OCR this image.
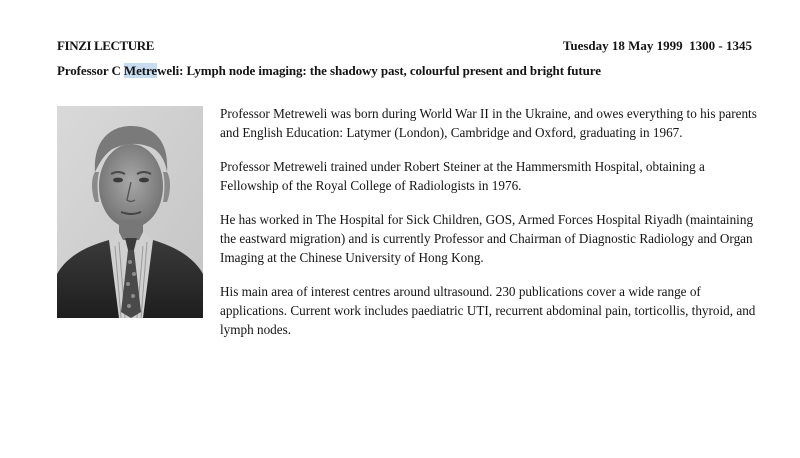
FINZI LECTURE	Tuesday 18 May 1999  1300 - 1345
Professor C Metreweli: Lymph node imaging: the shadowy past, colourful present and bright future

Professor Metreweli was born during World War II in the Ukraine, and owes everything to his parents and English Education: Latymer (London), Cambridge and Oxford, graduating in 1967.

Professor Metreweli trained under Robert Steiner at the Hammersmith Hospital, obtaining a Fellowship of the Royal College of Radiologists in 1976.

He has worked in The Hospital for Sick Children, GOS, Armed Forces Hospital Riyadh (maintaining the eastward migration) and is currently Professor and Chairman of Diagnostic Radiology and Organ Imaging at the Chinese University of Hong Kong.

His main area of interest centres around ultrasound. 230 publications cover a wide range of applications. Current work includes paediatric UTI, recurrent abdominal pain, torticollis, thyroid, and lymph nodes.
